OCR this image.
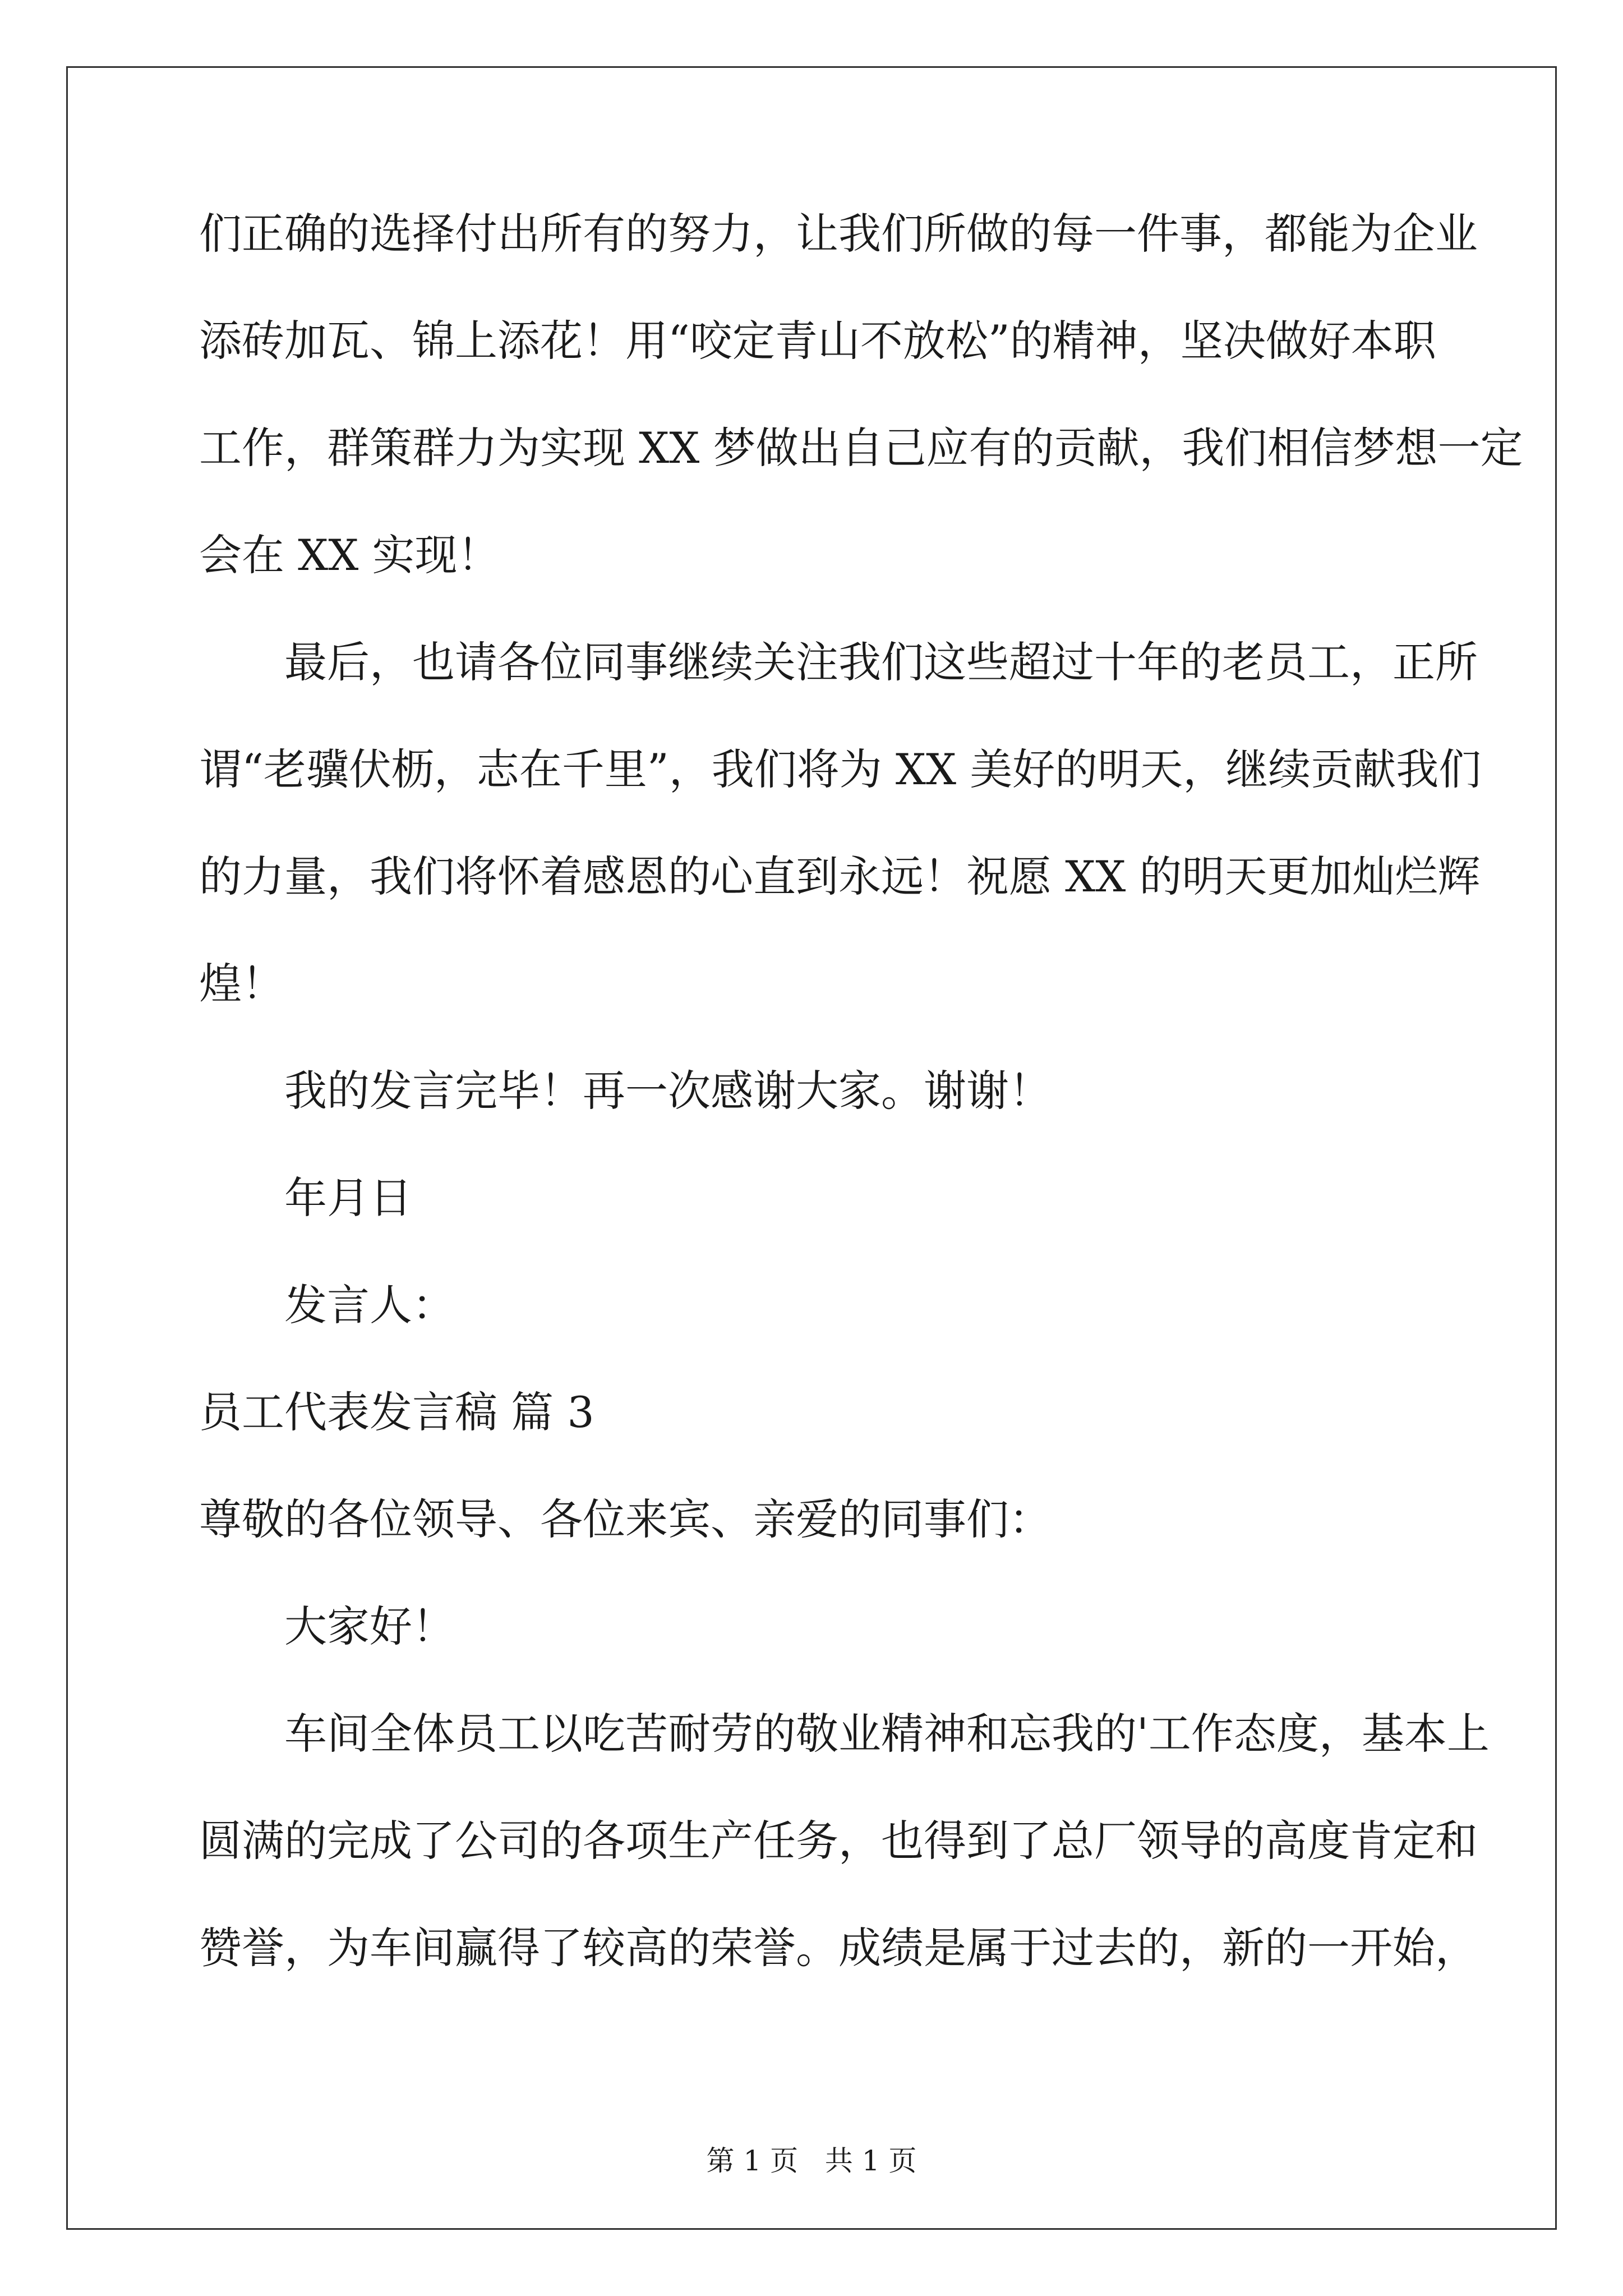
们正确的选择付出所有的努力，让我们所做的每一件事，都能为企业
添砖加瓦、锦上添花！用“咬定青山不放松”的精神，坚决做好本职
工作，群策群力为实现 XX 梦做出自己应有的贡献，我们相信梦想一定
会在 XX 实现！
最后，也请各位同事继续关注我们这些超过十年的老员工，正所
谓“老骥伏枥，志在千里”，我们将为 XX 美好的明天，继续贡献我们
的力量，我们将怀着感恩的心直到永远！祝愿 XX 的明天更加灿烂辉
煌！
我的发言完毕！再一次感谢大家。谢谢！
年月日
发言人：
员工代表发言稿 篇 3
尊敬的各位领导、各位来宾、亲爱的同事们：
大家好！
车间全体员工以吃苦耐劳的敬业精神和忘我的'工作态度，基本上
圆满的完成了公司的各项生产任务，也得到了总厂领导的高度肯定和
赞誉，为车间赢得了较高的荣誉。成绩是属于过去的，新的一开始，
第 1 页   共 1 页
